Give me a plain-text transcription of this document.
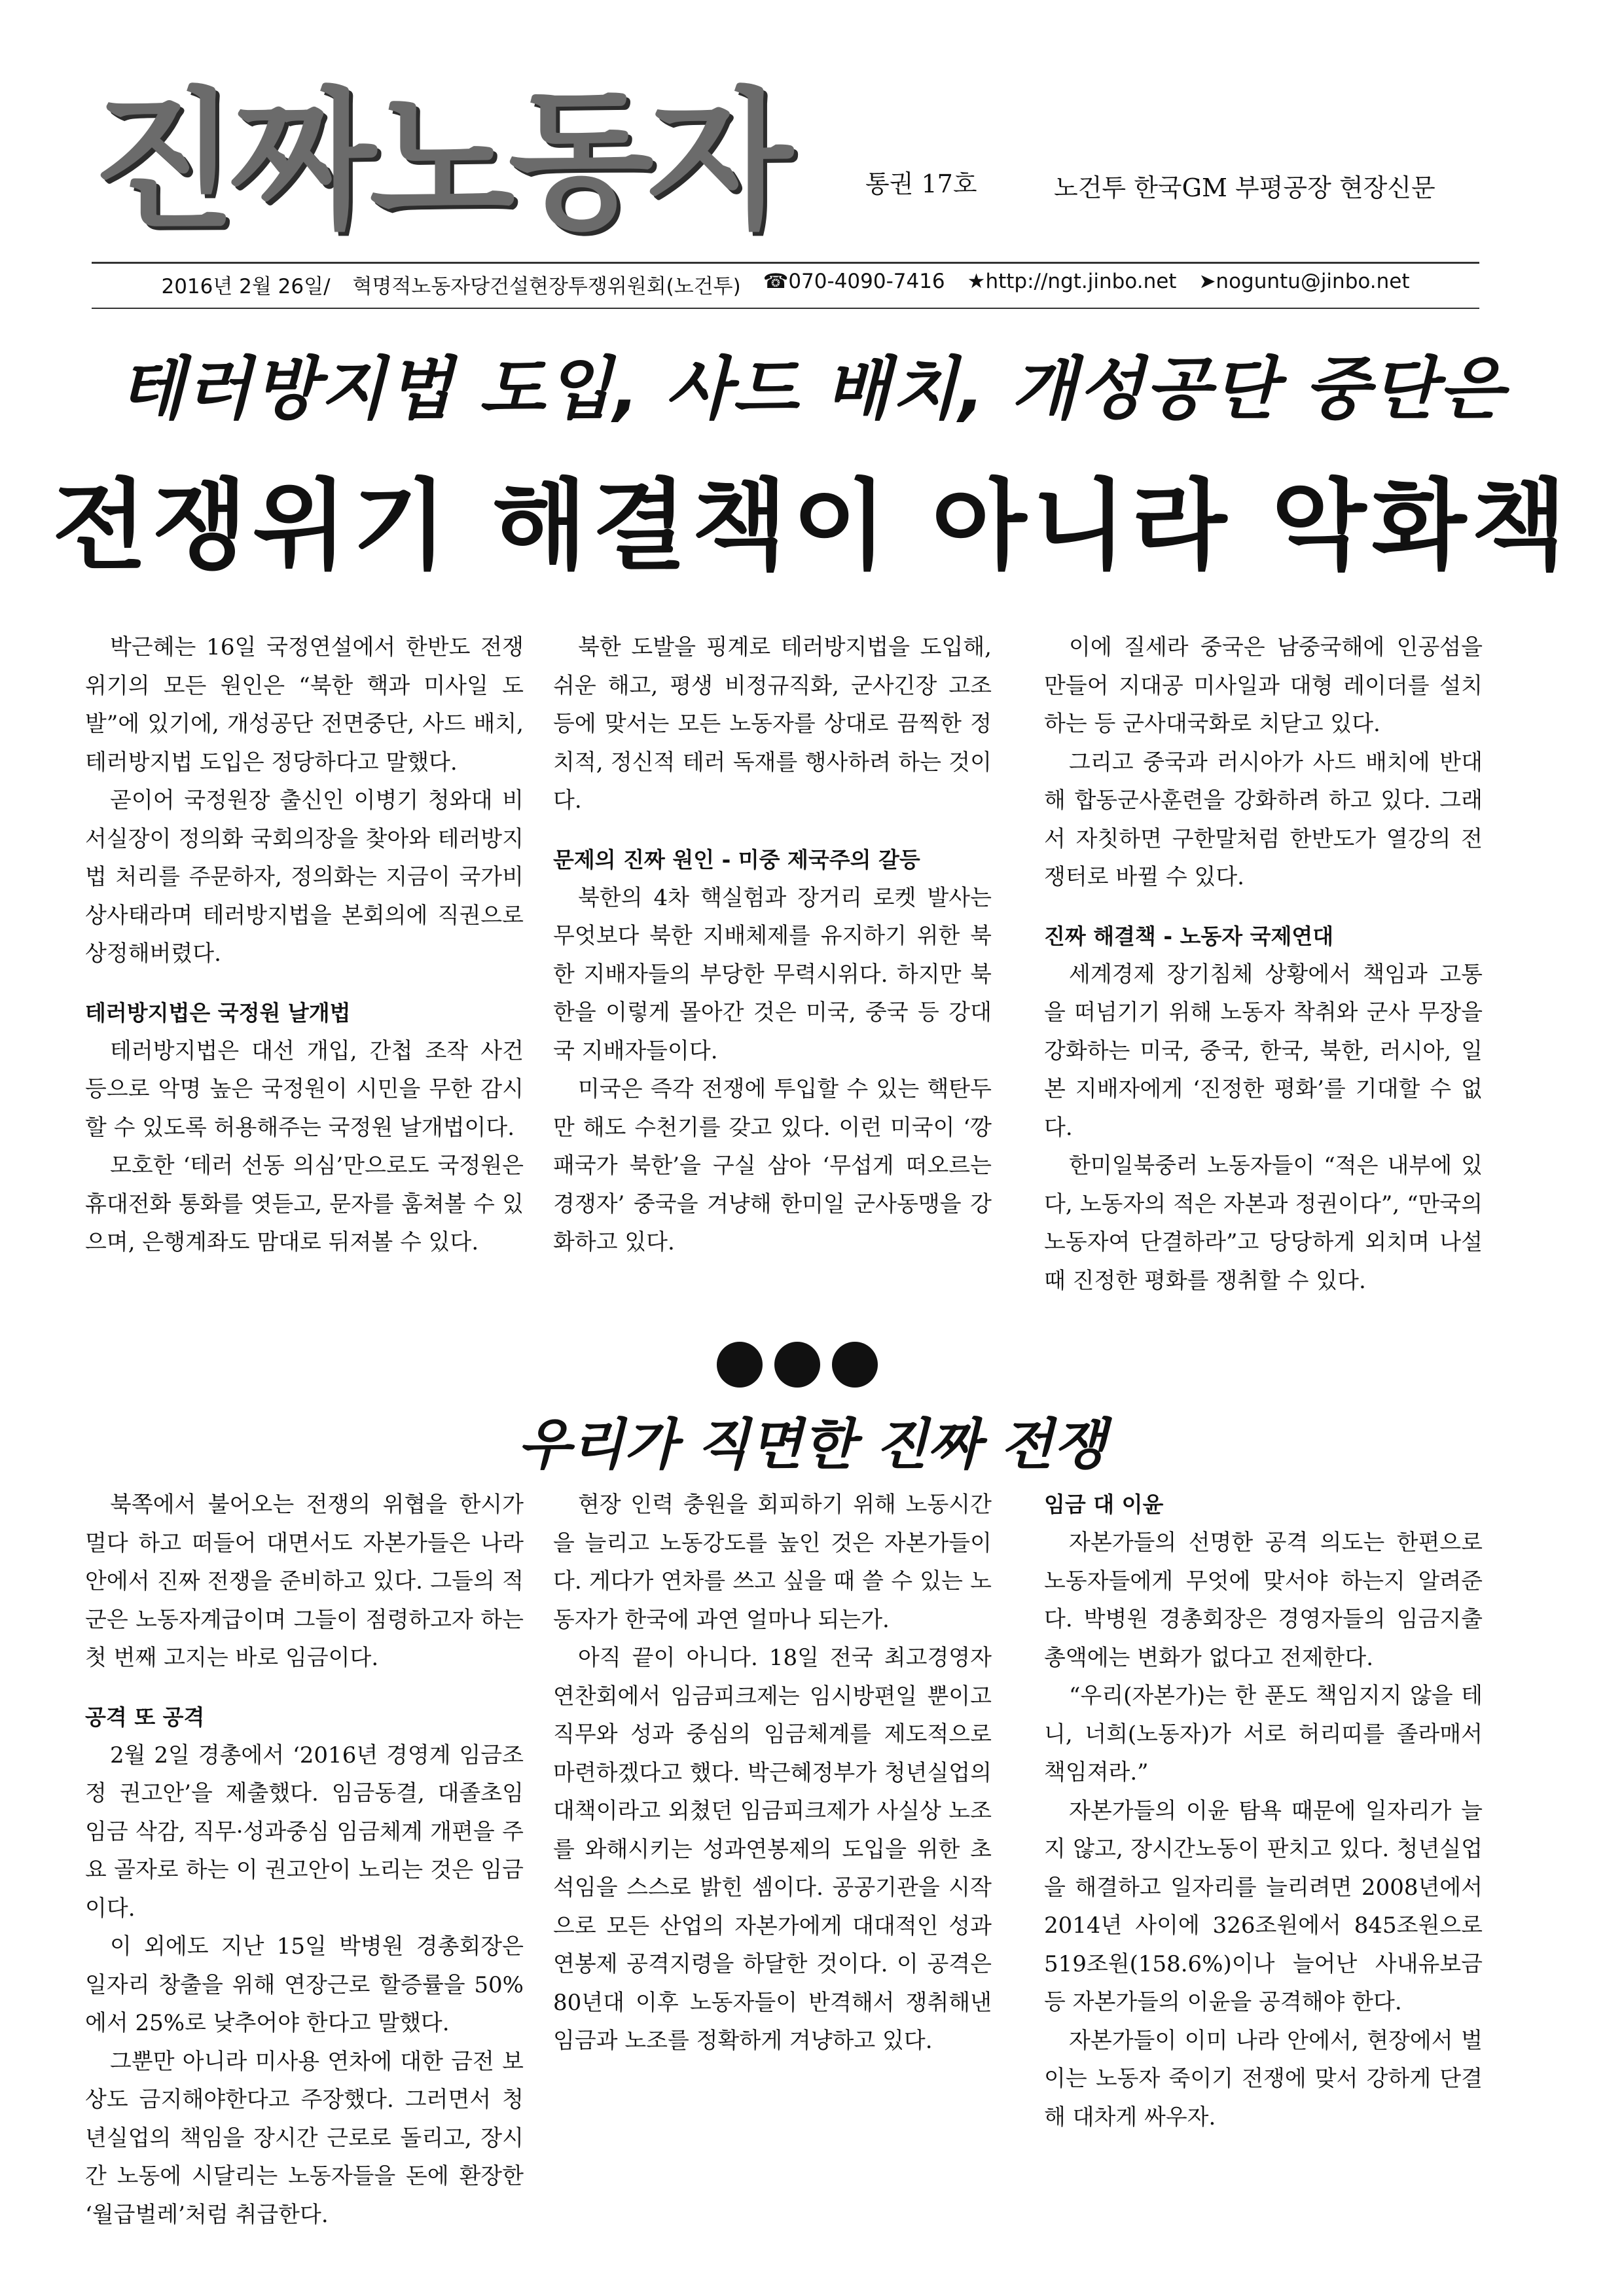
진짜노동자	통권 17호	노건투 한국GM 부평공장 현장신문
2016년 2월 26일/ 혁명적노동자당건설현장투쟁위원회(노건투) ☎070-4090-7416 ★http://ngt.jinbo.net ➤noguntu@jinbo.net
테러방지법 도입, 사드 배치, 개성공단 중단은
전쟁위기 해결책이 아니라 악화책

박근혜는 16일 국정연설에서 한반도 전쟁위기의 모든 원인은 “북한 핵과 미사일 도발”에 있기에, 개성공단 전면중단, 사드 배치, 테러방지법 도입은 정당하다고 말했다.

곧이어 국정원장 출신인 이병기 청와대 비서실장이 정의화 국회의장을 찾아와 테러방지법 처리를 주문하자, 정의화는 지금이 국가비상사태라며 테러방지법을 본회의에 직권으로 상정해버렸다.

테러방지법은 국정원 날개법

테러방지법은 대선 개입, 간첩 조작 사건 등으로 악명 높은 국정원이 시민을 무한 감시할 수 있도록 허용해주는 국정원 날개법이다.

모호한 ‘테러 선동 의심’만으로도 국정원은 휴대전화 통화를 엿듣고, 문자를 훔쳐볼 수 있으며, 은행계좌도 맘대로 뒤져볼 수 있다.

북한 도발을 핑계로 테러방지법을 도입해, 쉬운 해고, 평생 비정규직화, 군사긴장 고조 등에 맞서는 모든 노동자를 상대로 끔찍한 정치적, 정신적 테러 독재를 행사하려 하는 것이다.

문제의 진짜 원인 - 미중 제국주의 갈등

북한의 4차 핵실험과 장거리 로켓 발사는 무엇보다 북한 지배체제를 유지하기 위한 북한 지배자들의 부당한 무력시위다. 하지만 북한을 이렇게 몰아간 것은 미국, 중국 등 강대국 지배자들이다.

미국은 즉각 전쟁에 투입할 수 있는 핵탄두만 해도 수천기를 갖고 있다. 이런 미국이 ‘깡패국가 북한’을 구실 삼아 ‘무섭게 떠오르는 경쟁자’ 중국을 겨냥해 한미일 군사동맹을 강화하고 있다.

이에 질세라 중국은 남중국해에 인공섬을 만들어 지대공 미사일과 대형 레이더를 설치하는 등 군사대국화로 치닫고 있다.

그리고 중국과 러시아가 사드 배치에 반대해 합동군사훈련을 강화하려 하고 있다. 그래서 자칫하면 구한말처럼 한반도가 열강의 전쟁터로 바뀔 수 있다.

진짜 해결책 - 노동자 국제연대

세계경제 장기침체 상황에서 책임과 고통을 떠넘기기 위해 노동자 착취와 군사 무장을 강화하는 미국, 중국, 한국, 북한, 러시아, 일본 지배자에게 ‘진정한 평화’를 기대할 수 없다.

한미일북중러 노동자들이 “적은 내부에 있다, 노동자의 적은 자본과 정권이다”, “만국의 노동자여 단결하라”고 당당하게 외치며 나설 때 진정한 평화를 쟁취할 수 있다.

우리가 직면한 진짜 전쟁

북쪽에서 불어오는 전쟁의 위협을 한시가 멀다 하고 떠들어 대면서도 자본가들은 나라 안에서 진짜 전쟁을 준비하고 있다. 그들의 적군은 노동자계급이며 그들이 점령하고자 하는 첫 번째 고지는 바로 임금이다.

공격 또 공격

2월 2일 경총에서 ‘2016년 경영계 임금조정 권고안’을 제출했다. 임금동결, 대졸초임 임금 삭감, 직무·성과중심 임금체계 개편을 주요 골자로 하는 이 권고안이 노리는 것은 임금이다.

이 외에도 지난 15일 박병원 경총회장은 일자리 창출을 위해 연장근로 할증률을 50%에서 25%로 낮추어야 한다고 말했다.

그뿐만 아니라 미사용 연차에 대한 금전 보상도 금지해야한다고 주장했다. 그러면서 청년실업의 책임을 장시간 근로로 돌리고, 장시간 노동에 시달리는 노동자들을 돈에 환장한 ‘월급벌레’처럼 취급한다.

현장 인력 충원을 회피하기 위해 노동시간을 늘리고 노동강도를 높인 것은 자본가들이다. 게다가 연차를 쓰고 싶을 때 쓸 수 있는 노동자가 한국에 과연 얼마나 되는가.

아직 끝이 아니다. 18일 전국 최고경영자 연찬회에서 임금피크제는 임시방편일 뿐이고 직무와 성과 중심의 임금체계를 제도적으로 마련하겠다고 했다. 박근혜정부가 청년실업의 대책이라고 외쳤던 임금피크제가 사실상 노조를 와해시키는 성과연봉제의 도입을 위한 초석임을 스스로 밝힌 셈이다. 공공기관을 시작으로 모든 산업의 자본가에게 대대적인 성과연봉제 공격지령을 하달한 것이다. 이 공격은 80년대 이후 노동자들이 반격해서 쟁취해낸 임금과 노조를 정확하게 겨냥하고 있다.

임금 대 이윤

자본가들의 선명한 공격 의도는 한편으로 노동자들에게 무엇에 맞서야 하는지 알려준다. 박병원 경총회장은 경영자들의 임금지출 총액에는 변화가 없다고 전제한다.

“우리(자본가)는 한 푼도 책임지지 않을 테니, 너희(노동자)가 서로 허리띠를 졸라매서 책임져라.”

자본가들의 이윤 탐욕 때문에 일자리가 늘지 않고, 장시간노동이 판치고 있다. 청년실업을 해결하고 일자리를 늘리려면 2008년에서 2014년 사이에 326조원에서 845조원으로 519조원(158.6%)이나 늘어난 사내유보금 등 자본가들의 이윤을 공격해야 한다.

자본가들이 이미 나라 안에서, 현장에서 벌이는 노동자 죽이기 전쟁에 맞서 강하게 단결해 대차게 싸우자.
